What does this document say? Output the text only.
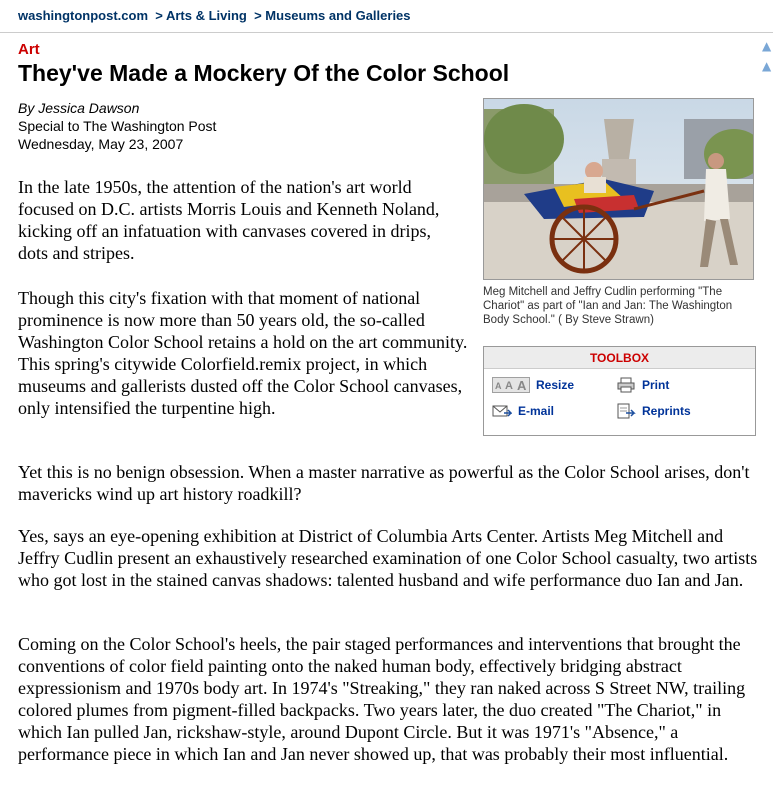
washingtonpost.com > Arts & Living > Museums and Galleries
▲
▲
Art
They've Made a Mockery Of the Color School
By Jessica Dawson
Special to The Washington Post
Wednesday, May 23, 2007

In the late 1950s, the attention of the nation's art world focused on D.C. artists Morris Louis and Kenneth Noland, kicking off an infatuation with canvases covered in drips, dots and stripes.

Though this city's fixation with that moment of national prominence is now more than 50 years old, the so-called Washington Color School retains a hold on the art community. This spring's citywide Colorfield.remix project, in which museums and gallerists dusted off the Color School canvases, only intensified the turpentine high.

Yet this is no benign obsession. When a master narrative as powerful as the Color School arises, don't mavericks wind up art history roadkill?

Yes, says an eye-opening exhibition at District of Columbia Arts Center. Artists Meg Mitchell and Jeffry Cudlin present an exhaustively researched examination of one Color School casualty, two artists who got lost in the stained canvas shadows: talented husband and wife performance duo Ian and Jan.

Coming on the Color School's heels, the pair staged performances and interventions that brought the conventions of color field painting onto the naked human body, effectively bridging abstract expressionism and 1970s body art. In 1974's "Streaking," they ran naked across S Street NW, trailing colored plumes from pigment-filled backpacks. Two years later, the duo created "The Chariot," in which Ian pulled Jan, rickshaw-style, around Dupont Circle. But it was 1971's "Absence," a performance piece in which Ian and Jan never showed up, that was probably their most influential.

Meg Mitchell and Jeffry Cudlin performing "The Chariot" as part of "Ian and Jan: The Washington Body School." ( By Steve Strawn)
TOOLBOX
A A A Resize	Print
E-mail	Reprints
